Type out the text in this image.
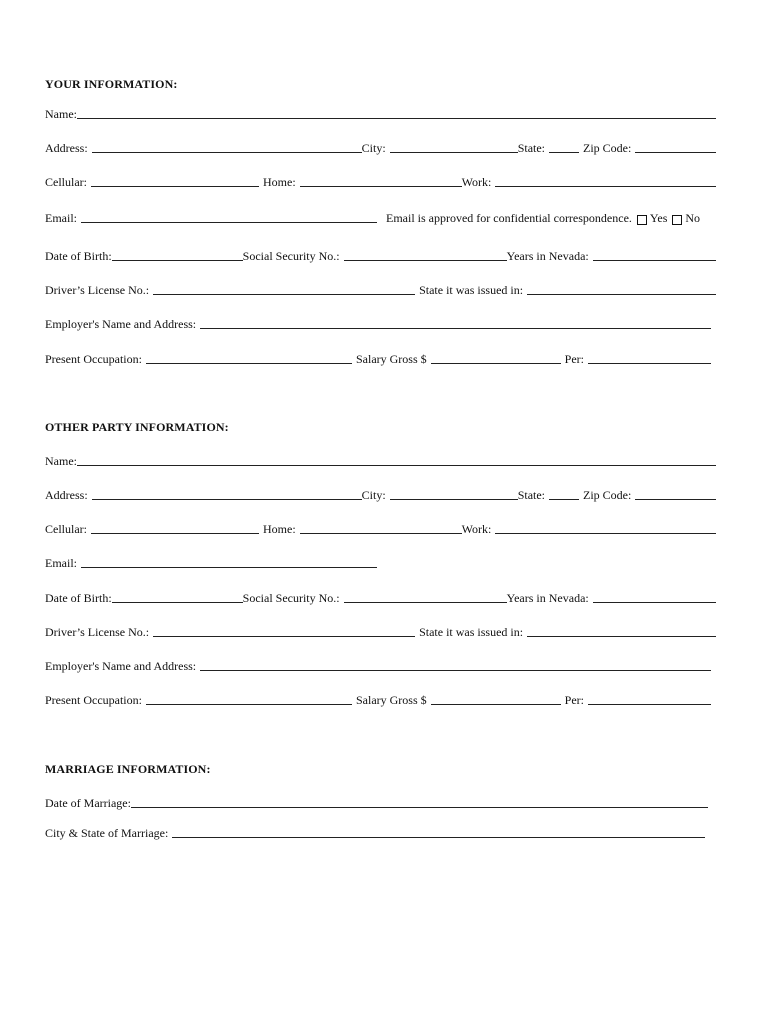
YOUR INFORMATION:
Name:
Address:	City:	State:	Zip Code:
Cellular:	Home:	Work:
Email:	Email is approved for confidential correspondence. Yes No
Date of Birth:	Social Security No.:	Years in Nevada:
Driver’s License No.:	State it was issued in:
Employer's Name and Address:
Present Occupation:	Salary Gross $	Per:
OTHER PARTY INFORMATION:
Name:
Address:	City:	State:	Zip Code:
Cellular:	Home:	Work:
Email:
Date of Birth:	Social Security No.:	Years in Nevada:
Driver’s License No.:	State it was issued in:
Employer's Name and Address:
Present Occupation:	Salary Gross $	Per:
MARRIAGE INFORMATION:
Date of Marriage:
City & State of Marriage:
